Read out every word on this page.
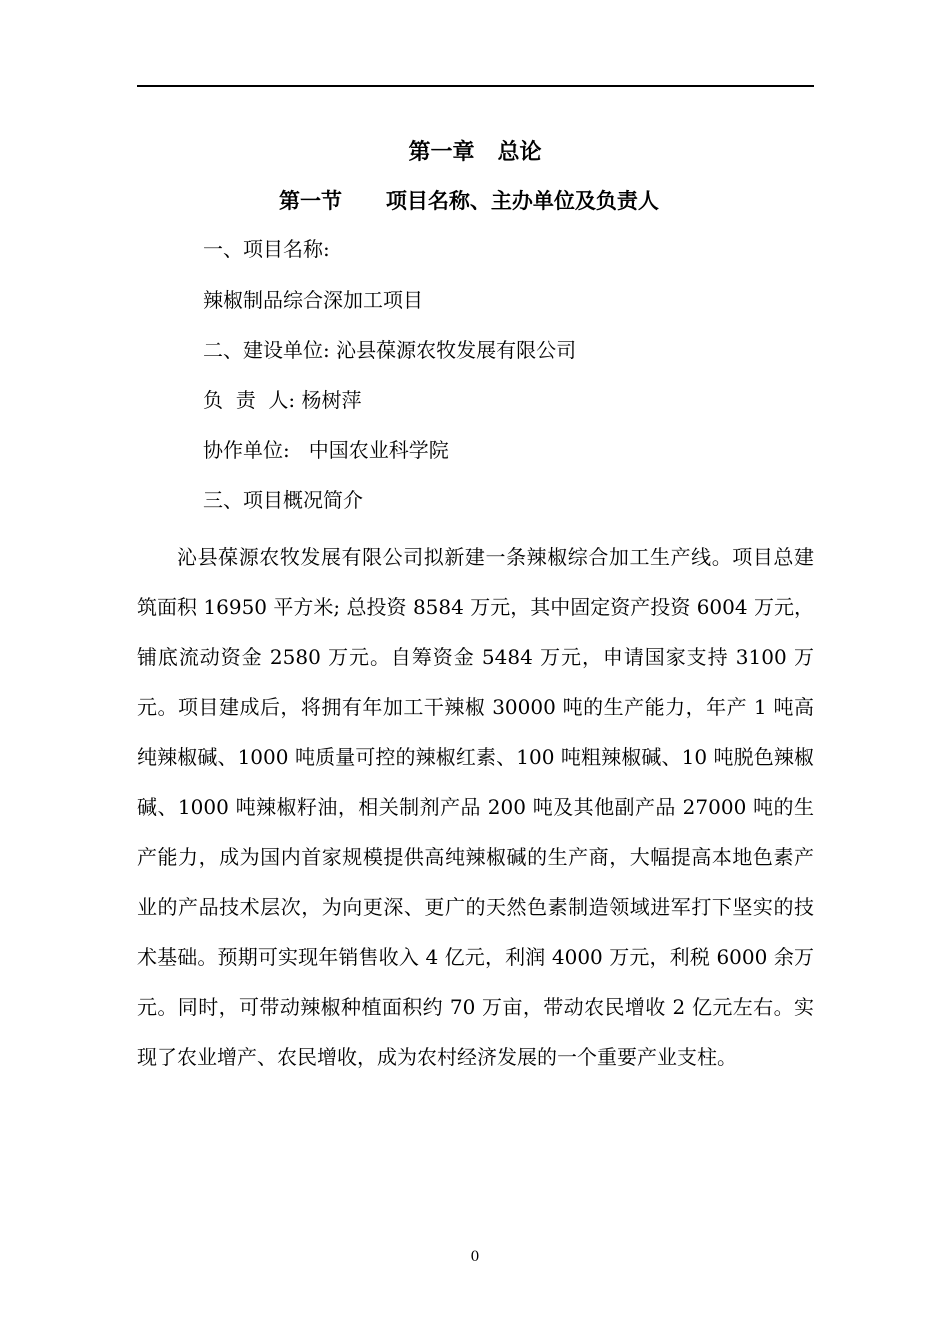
第一章   总论
第一节      项目名称、主办单位及负责人
一、项目名称:
辣椒制品综合深加工项目
二、建设单位: 沁县葆源农牧发展有限公司
负  责  人: 杨树萍
协作单位:   中国农业科学院
三、项目概况简介

沁县葆源农牧发展有限公司拟新建一条辣椒综合加工生产线。项目总建筑面积 16950 平方米; 总投资 8584 万元，其中固定资产投资 6004 万元，铺底流动资金 2580 万元。自筹资金 5484 万元，申请国家支持 3100 万元。项目建成后，将拥有年加工干辣椒 30000 吨的生产能力，年产 1 吨高纯辣椒碱、1000 吨质量可控的辣椒红素、100 吨粗辣椒碱、10 吨脱色辣椒碱、1000 吨辣椒籽油，相关制剂产品 200 吨及其他副产品 27000 吨的生产能力，成为国内首家规模提供高纯辣椒碱的生产商，大幅提高本地色素产业的产品技术层次，为向更深、更广的天然色素制造领域进军打下坚实的技术基础。预期可实现年销售收入 4 亿元，利润 4000 万元，利税 6000 余万元。同时，可带动辣椒种植面积约 70 万亩，带动农民增收 2 亿元左右。实现了农业增产、农民增收，成为农村经济发展的一个重要产业支柱。

0
